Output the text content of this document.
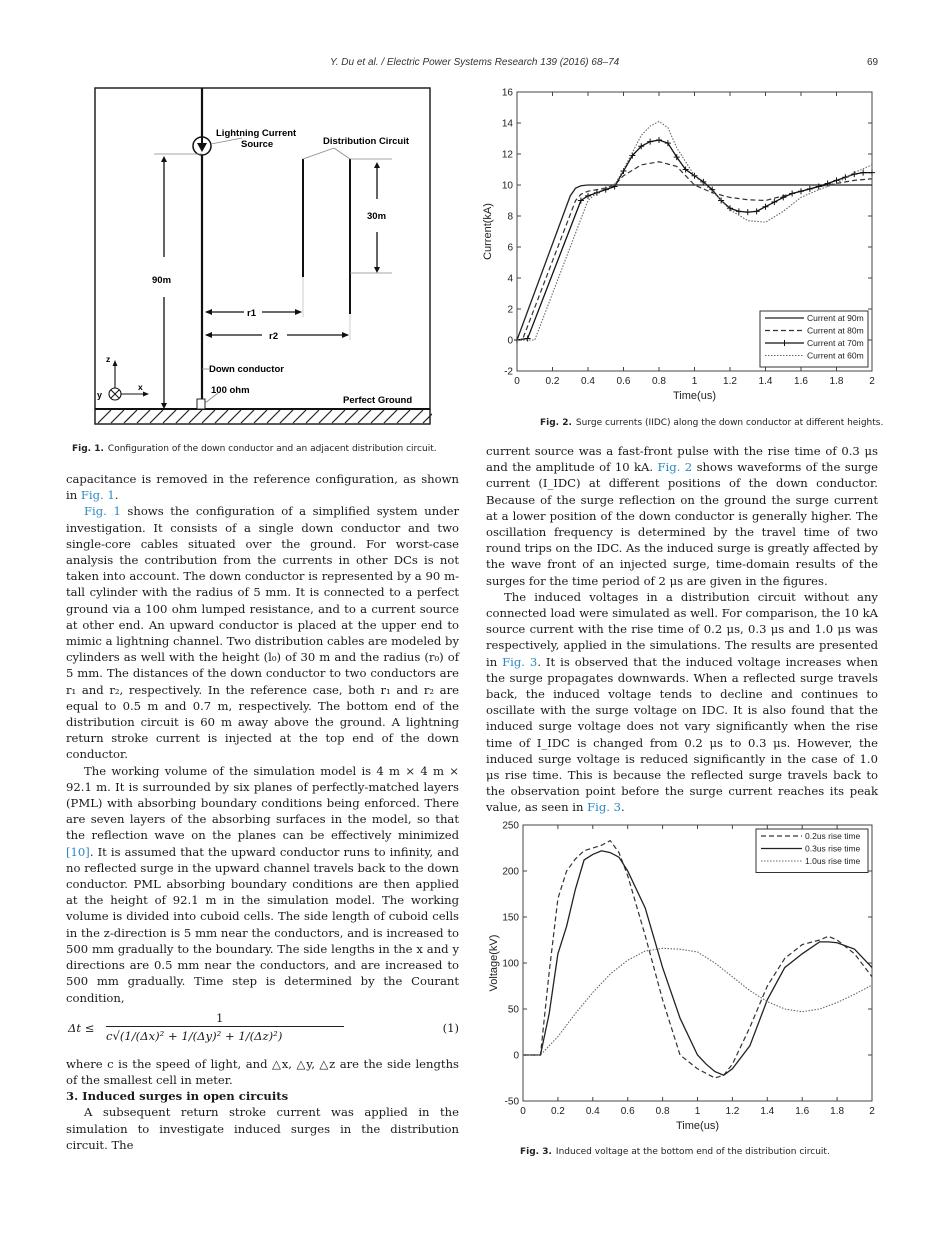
Y. Du et al. / Electric Power Systems Research 139 (2016) 68–74	69
Lightning Current
Source
90m
Distribution Circuit
30m
r1
r2
Down conductor
100 ohm
Perfect Ground
z
y
x
Fig. 1. Configuration of the down conductor and an adjacent distribution circuit.
0	0.2 0.4 0.6 0.8	1	1.2 1.4 1.6 1.8	2
-2
0
2
4
6
8
10
12
14
16
Time(us)
Current(kA)
Current at 90m
Current at 80m
Current at 70m
Current at 60m
Fig. 2. Surge currents (IIDC) along the down conductor at different heights.
0	0.2 0.4 0.6 0.8	1	1.2 1.4 1.6 1.8	2
-50
0
50
100
150
200
250
Time(us)
Voltage(kV)
0.2us rise time
0.3us rise time
1.0us rise time
Fig. 3. Induced voltage at the bottom end of the distribution circuit.

capacitance is removed in the reference configuration, as shown in Fig. 1.

Fig. 1 shows the configuration of a simplified system under investigation. It consists of a single down conductor and two single-core cables situated over the ground. For worst-case analysis the contribution from the currents in other DCs is not taken into account. The down conductor is represented by a 90 m-tall cylinder with the radius of 5 mm. It is connected to a perfect ground via a 100 ohm lumped resistance, and to a current source at other end. An upward conductor is placed at the upper end to mimic a lightning channel. Two distribution cables are modeled by cylinders as well with the height (l₀) of 30 m and the radius (r₀) of 5 mm. The distances of the down conductor to two conductors are r₁ and r₂, respectively. In the reference case, both r₁ and r₂ are equal to 0.5 m and 0.7 m, respectively. The bottom end of the distribution circuit is 60 m away above the ground. A lightning return stroke current is injected at the top end of the down conductor.

The working volume of the simulation model is 4 m × 4 m × 92.1 m. It is surrounded by six planes of perfectly-matched layers (PML) with absorbing boundary conditions being enforced. There are seven layers of the absorbing surfaces in the model, so that the reflection wave on the planes can be effectively minimized [10]. It is assumed that the upward conductor runs to infinity, and no reflected surge in the upward channel travels back to the down conductor. PML absorbing boundary conditions are then applied at the height of 92.1 m in the simulation model. The working volume is divided into cuboid cells. The side length of cuboid cells in the z-direction is 5 mm near the conductors, and is increased to 500 mm gradually to the boundary. The side lengths in the x and y directions are 0.5 mm near the conductors, and are increased to 500 mm gradually. Time step is determined by the Courant condition,

Δt ≤
1
c√(1/(Δx)² + 1/(Δy)² + 1/(Δz)²)
(1)

where c is the speed of light, and △x, △y, △z are the side lengths of the smallest cell in meter.

3. Induced surges in open circuits

A subsequent return stroke current was applied in the simulation to investigate induced surges in the distribution circuit. The

current source was a fast-front pulse with the rise time of 0.3 μs and the amplitude of 10 kA. Fig. 2 shows waveforms of the surge current (I_IDC) at different positions of the down conductor. Because of the surge reflection on the ground the surge current at a lower position of the down conductor is generally higher. The oscillation frequency is determined by the travel time of two round trips on the IDC. As the induced surge is greatly affected by the wave front of an injected surge, time-domain results of the surges for the time period of 2 μs are given in the figures.

The induced voltages in a distribution circuit without any connected load were simulated as well. For comparison, the 10 kA source current with the rise time of 0.2 μs, 0.3 μs and 1.0 μs was respectively, applied in the simulations. The results are presented in Fig. 3. It is observed that the induced voltage increases when the surge propagates downwards. When a reflected surge travels back, the induced voltage tends to decline and continues to oscillate with the surge voltage on IDC. It is also found that the induced surge voltage does not vary significantly when the rise time of I_IDC is changed from 0.2 μs to 0.3 μs. However, the induced surge voltage is reduced significantly in the case of 1.0 μs rise time. This is because the reflected surge travels back to the observation point before the surge current reaches its peak value, as seen in Fig. 3.
